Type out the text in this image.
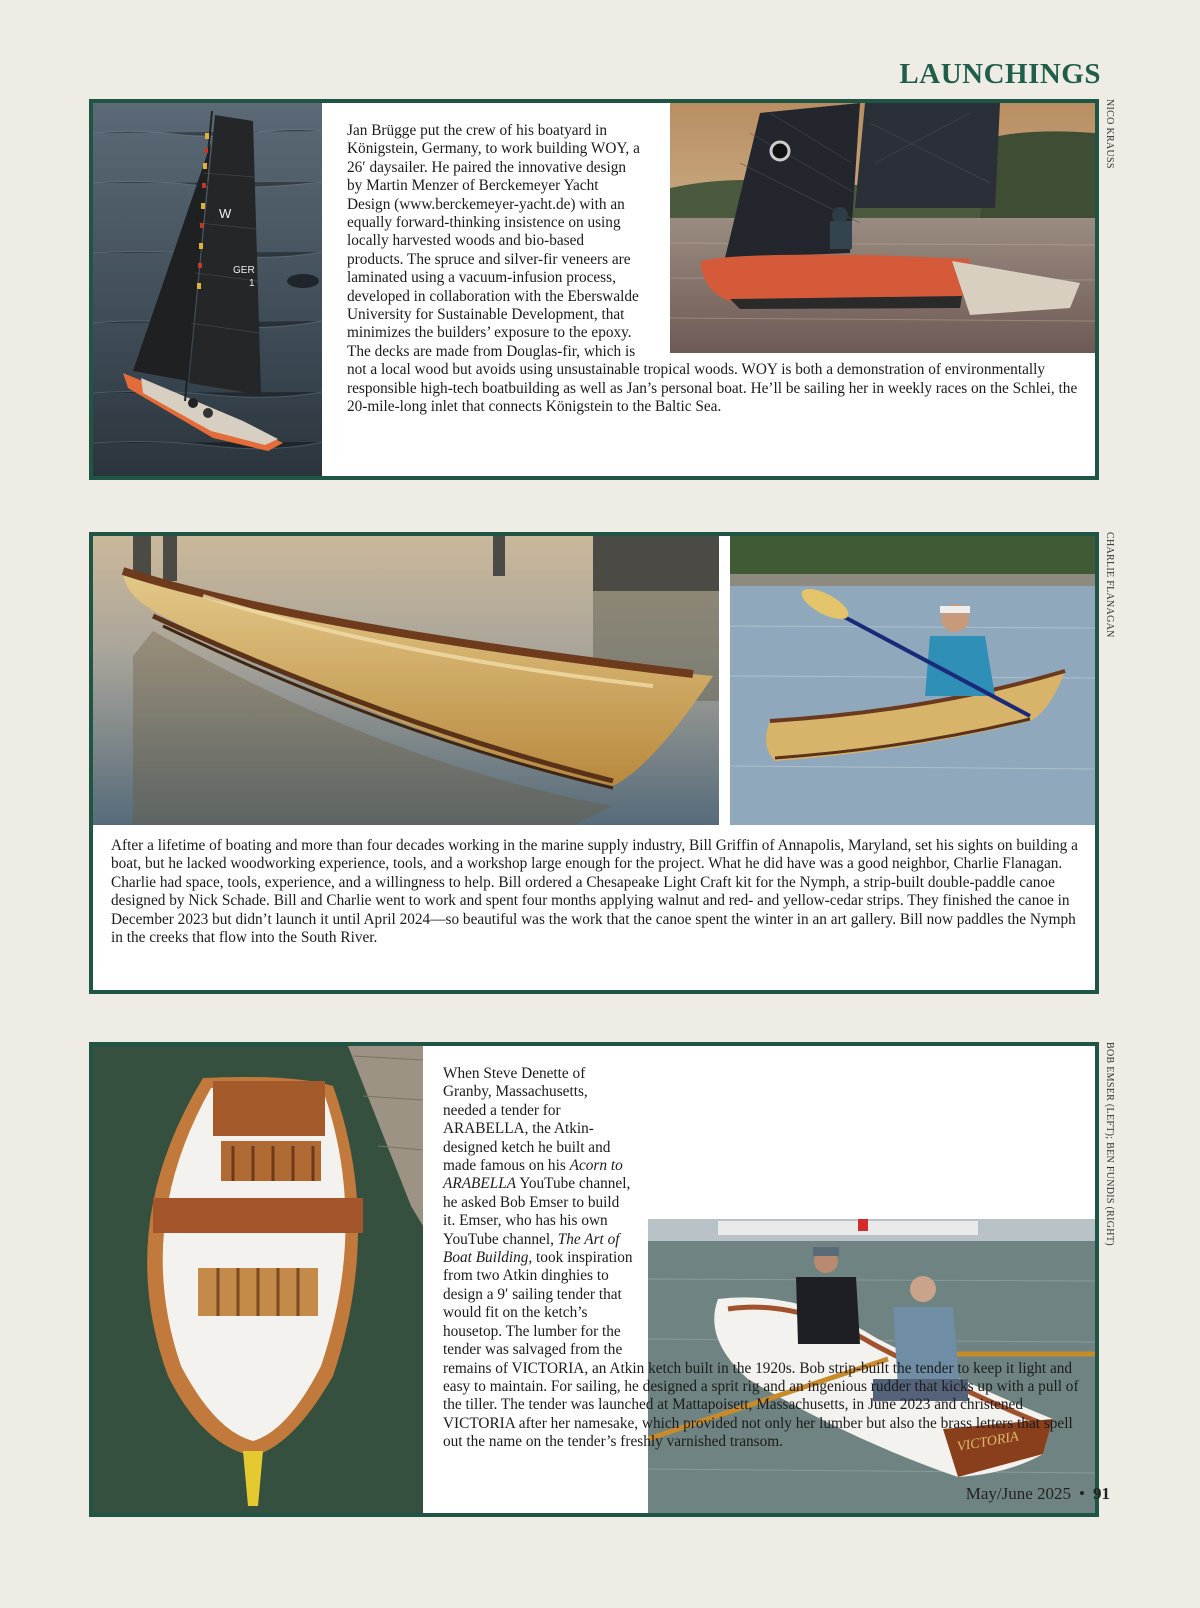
LAUNCHINGS
W
GER
1

Jan Brügge put the crew of his boatyard in Königstein, Germany, to work building WOY, a 26′ daysailer. He paired the innovative design by Martin Menzer of Berckemeyer Yacht Design (www.berckemeyer-yacht.de) with an equally forward-thinking insistence on using locally harvested woods and bio-based products. The spruce and silver-fir veneers are laminated using a vacuum-infusion process, developed in collaboration with the Eberswalde University for Sustainable Development, that minimizes the builders’ exposure to the epoxy. The decks are made from Douglas-fir, which is not a local wood but avoids using unsustainable tropical woods. WOY is both a demonstration of environmentally responsible high-tech boatbuilding as well as Jan’s personal boat. He’ll be sailing her in weekly races on the Schlei, the 20-mile-long inlet that connects Königstein to the Baltic Sea.

NICO KRAUSS

After a lifetime of boating and more than four decades working in the marine supply industry, Bill Griffin of Annapolis, Maryland, set his sights on building a boat, but he lacked woodworking experience, tools, and a workshop large enough for the project. What he did have was a good neighbor, Charlie Flanagan. Charlie had space, tools, experience, and a willingness to help. Bill ordered a Chesapeake Light Craft kit for the Nymph, a strip-built double-paddle canoe designed by Nick Schade. Bill and Charlie went to work and spent four months applying walnut and red- and yellow-cedar strips. They finished the canoe in December 2023 but didn’t launch it until April 2024—so beautiful was the work that the canoe spent the winter in an art gallery. Bill now paddles the Nymph in the creeks that flow into the South River.

CHARLIE FLANAGAN
VICTORIA

When Steve Denette of Granby, Massachusetts, needed a tender for ARABELLA, the Atkin-designed ketch he built and made famous on his Acorn to ARABELLA YouTube channel, he asked Bob Emser to build it. Emser, who has his own YouTube channel, The Art of Boat Building, took inspiration from two Atkin dinghies to design a 9′ sailing tender that would fit on the ketch’s housetop. The lumber for the tender was salvaged from the remains of VICTORIA, an Atkin ketch built in the 1920s. Bob strip-built the tender to keep it light and easy to maintain. For sailing, he designed a sprit rig and an ingenious rudder that kicks up with a pull of the tiller. The tender was launched at Mattapoisett, Massachusetts, in June 2023 and christened VICTORIA after her namesake, which provided not only her lumber but also the brass letters that spell out the name on the tender’s freshly varnished transom.

BOB EMSER (LEFT); BEN FUNDIS (RIGHT)
May/June 2025 • 91
